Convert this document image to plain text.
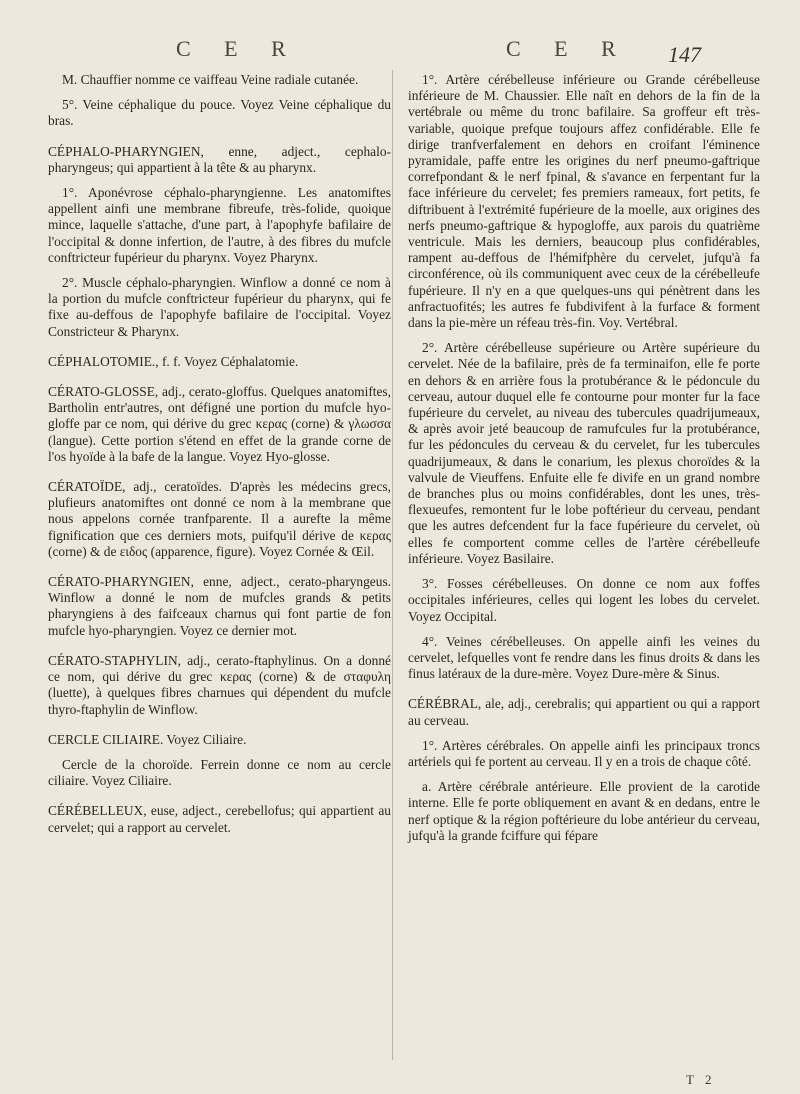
C E R	C E R 147

M. Chauffier nomme ce vaiffeau Veine radiale cutanée.

5°. Veine céphalique du pouce. Voyez Veine céphalique du bras.

CÉPHALO-PHARYNGIEN, enne, adject., cephalo-pharyngeus; qui appartient à la tête & au pharynx.

1°. Aponévrose céphalo-pharyngienne. Les anatomiftes appellent ainfi une membrane fibreufe, très-folide, quoique mince, laquelle s'attache, d'une part, à l'apophyfe bafilaire de l'occipital & donne infertion, de l'autre, à des fibres du mufcle conftricteur fupérieur du pharynx. Voyez Pharynx.

2°. Muscle céphalo-pharyngien. Winflow a donné ce nom à la portion du mufcle conftricteur fupérieur du pharynx, qui fe fixe au-deffous de l'apophyfe bafilaire de l'occipital. Voyez Constricteur & Pharynx.

CÉPHALOTOMIE., f. f. Voyez Céphalatomie.

CÉRATO-GLOSSE, adj., cerato-gloffus. Quelques anatomiftes, Bartholin entr'autres, ont défigné une portion du mufcle hyo-gloffe par ce nom, qui dérive du grec κερας (corne) & γλωσσα (langue). Cette portion s'étend en effet de la grande corne de l'os hyoïde à la bafe de la langue. Voyez Hyo-glosse.

CÉRATOÏDE, adj., ceratoïdes. D'après les médecins grecs, plufieurs anatomiftes ont donné ce nom à la membrane que nous appelons cornée tranfparente. Il a aurefte la même fignification que ces derniers mots, puifqu'il dérive de κερας (corne) & de ειδος (apparence, figure). Voyez Cornée & Œil.

CÉRATO-PHARYNGIEN, enne, adject., cerato-pharyngeus. Winflow a donné le nom de mufcles grands & petits pharyngiens à des faifceaux charnus qui font partie de fon mufcle hyo-pharyngien. Voyez ce dernier mot.

CÉRATO-STAPHYLIN, adj., cerato-ftaphylinus. On a donné ce nom, qui dérive du grec κερας (corne) & de σταφυλη (luette), à quelques fibres charnues qui dépendent du mufcle thyro-ftaphylin de Winflow.

CERCLE CILIAIRE. Voyez Ciliaire.

Cercle de la choroïde. Ferrein donne ce nom au cercle ciliaire. Voyez Ciliaire.

CÉRÉBELLEUX, euse, adject., cerebellofus; qui appartient au cervelet; qui a rapport au cervelet.

1°. Artère cérébelleuse inférieure ou Grande cérébelleuse inférieure de M. Chaussier. Elle naît en dehors de la fin de la vertébrale ou même du tronc bafilaire. Sa groffeur eft très-variable, quoique prefque toujours affez confidérable. Elle fe dirige tranfverfalement en dehors en croifant l'éminence pyramidale, paffe entre les origines du nerf pneumo-gaftrique correfpondant & le nerf fpinal, & s'avance en ferpentant fur la face inférieure du cervelet; fes premiers rameaux, fort petits, fe diftribuent à l'extrémité fupérieure de la moelle, aux origines des nerfs pneumo-gaftrique & hypogloffe, aux parois du quatrième ventricule. Mais les derniers, beaucoup plus confidérables, rampent au-deffous de l'hémifphère du cervelet, jufqu'à fa circonférence, où ils communiquent avec ceux de la cérébelleufe fupérieure. Il n'y en a que quelques-uns qui pénètrent dans les anfractuofités; les autres fe fubdivifent à la furface & forment dans la pie-mère un réfeau très-fin. Voy. Vertébral.

2°. Artère cérébelleuse supérieure ou Artère supérieure du cervelet. Née de la bafilaire, près de fa terminaifon, elle fe porte en dehors & en arrière fous la protubérance & le pédoncule du cerveau, autour duquel elle fe contourne pour monter fur la face fupérieure du cervelet, au niveau des tubercules quadrijumeaux, & après avoir jeté beaucoup de ramufcules fur la protubérance, fur les pédoncules du cerveau & du cervelet, fur les tubercules quadrijumeaux, & dans le conarium, les plexus choroïdes & la valvule de Vieuffens. Enfuite elle fe divife en un grand nombre de branches plus ou moins confidérables, dont les unes, très-flexueufes, remontent fur le lobe poftérieur du cerveau, pendant que les autres defcendent fur la face fupérieure du cervelet, où elles fe comportent comme celles de l'artère cérébelleufe inférieure. Voyez Basilaire.

3°. Fosses cérébelleuses. On donne ce nom aux foffes occipitales inférieures, celles qui logent les lobes du cervelet. Voyez Occipital.

4°. Veines cérébelleuses. On appelle ainfi les veines du cervelet, lefquelles vont fe rendre dans les finus droits & dans les finus latéraux de la dure-mère. Voyez Dure-mère & Sinus.

CÉRÉBRAL, ale, adj., cerebralis; qui appartient ou qui a rapport au cerveau.

1°. Artères cérébrales. On appelle ainfi les principaux troncs artériels qui fe portent au cerveau. Il y en a trois de chaque côté.

a. Artère cérébrale antérieure. Elle provient de la carotide interne. Elle fe porte obliquement en avant & en dedans, entre le nerf optique & la région poftérieure du lobe antérieur du cerveau, jufqu'à la grande fciffure qui fépare

T 2
